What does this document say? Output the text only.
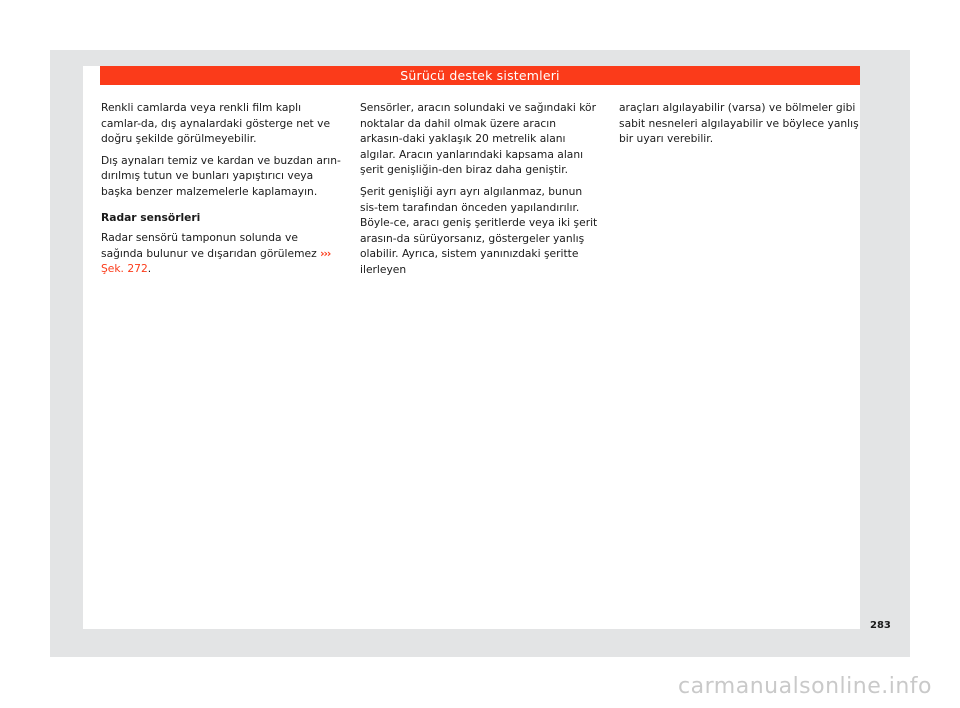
Sürücü destek sistemleri

Renkli camlarda veya renkli film kaplı camlar-da, dış aynalardaki gösterge net ve doğru şekilde görülmeyebilir.

Dış aynaları temiz ve kardan ve buzdan arın-dırılmış tutun ve bunları yapıştırıcı veya başka benzer malzemelerle kaplamayın.

Radar sensörleri

Radar sensörü tamponun solunda ve sağında bulunur ve dışarıdan görülemez ››› Şek. 272.

Sensörler, aracın solundaki ve sağındaki kör noktalar da dahil olmak üzere aracın arkasın-daki yaklaşık 20 metrelik alanı algılar. Aracın yanlarındaki kapsama alanı şerit genişliğin-den biraz daha geniştir.

Şerit genişliği ayrı ayrı algılanmaz, bunun sis-tem tarafından önceden yapılandırılır. Böyle-ce, aracı geniş şeritlerde veya iki şerit arasın-da sürüyorsanız, göstergeler yanlış olabilir. Ayrıca, sistem yanınızdaki şeritte ilerleyen

araçları algılayabilir (varsa) ve bölmeler gibi sabit nesneleri algılayabilir ve böylece yanlış bir uyarı verebilir.

283
carmanualsonline.info
